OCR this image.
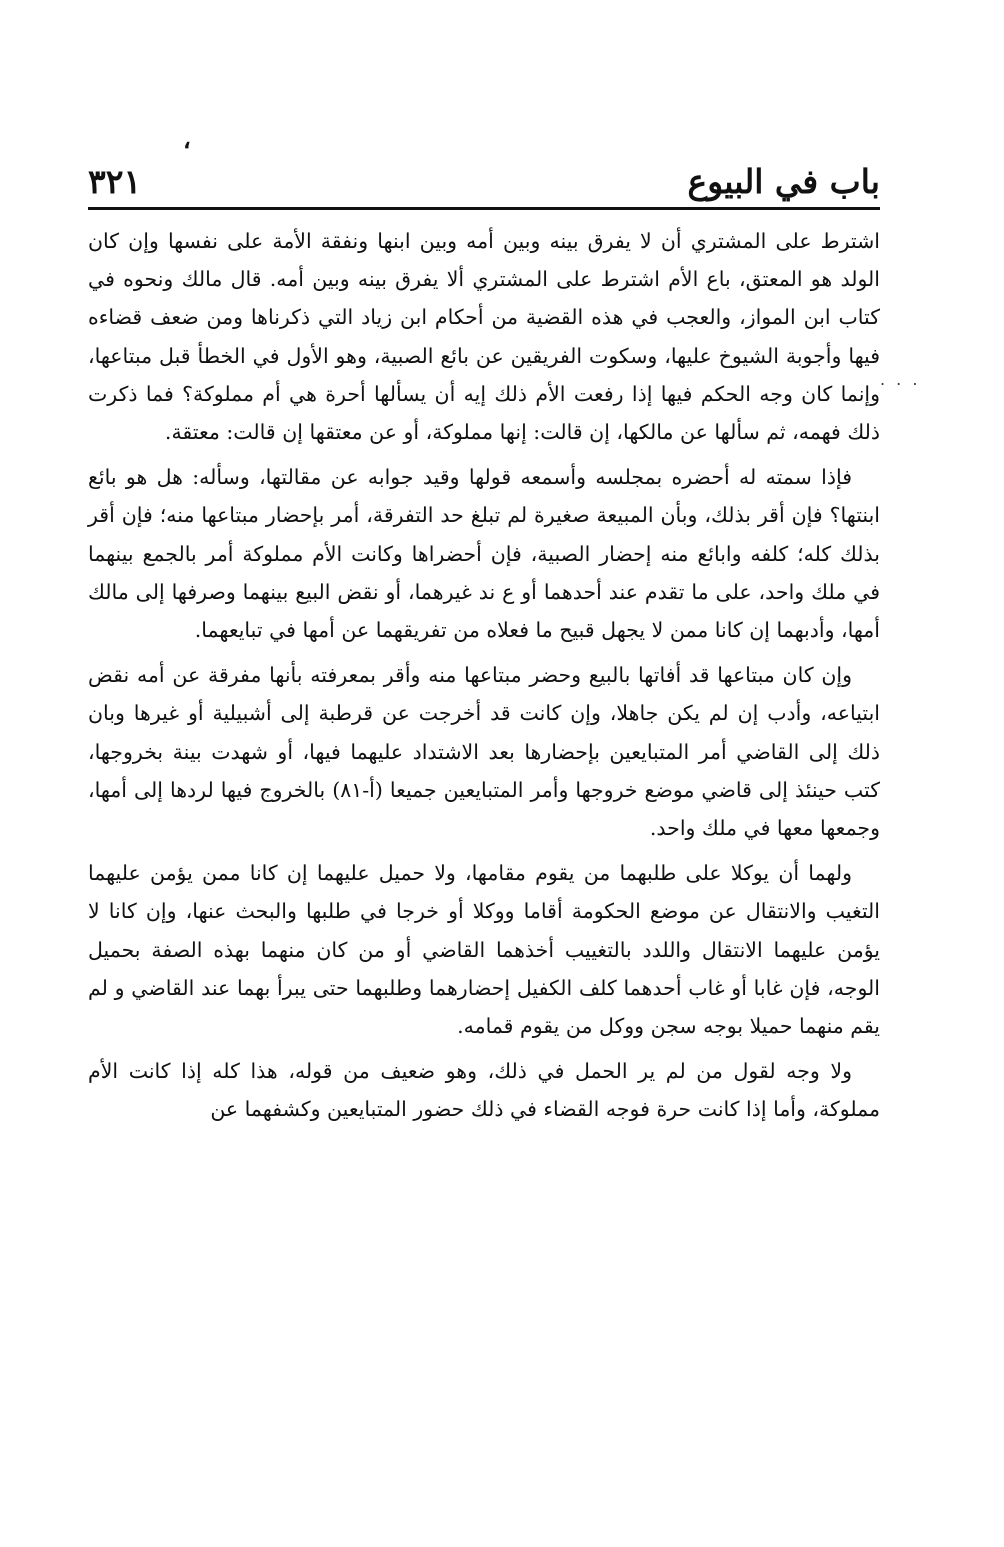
،
باب في البيوع
٣٢١
. . .

اشترط على المشتري أن لا يفرق بينه وبين أمه وبين ابنها ونفقة الأمة على نفسها وإن كان الولد هو المعتق، باع الأم اشترط على المشتري ألا يفرق بينه وبين أمه. قال مالك ونحوه في كتاب ابن المواز، والعجب في هذه القضية من أحكام ابن زياد التي ذكرناها ومن ضعف قضاءه فيها وأجوبة الشيوخ عليها، وسكوت الفريقين عن بائع الصبية، وهو الأول في الخطأ قبل مبتاعها، وإنما كان وجه الحكم فيها إذا رفعت الأم ذلك إيه أن يسألها أحرة هي أم مملوكة؟ فما ذكرت ذلك فهمه، ثم سألها عن مالكها، إن قالت: إنها مملوكة، أو عن معتقها إن قالت: معتقة.

فإذا سمته له أحضره بمجلسه وأسمعه قولها وقيد جوابه عن مقالتها، وسأله: هل هو بائع ابنتها؟ فإن أقر بذلك، وبأن المبيعة صغيرة لم تبلغ حد التفرقة، أمر بإحضار مبتاعها منه؛ فإن أقر بذلك كله؛ كلفه وابائع منه إحضار الصبية، فإن أحضراها وكانت الأم مملوكة أمر بالجمع بينهما في ملك واحد، على ما تقدم عند أحدهما أو ع ند غيرهما، أو نقض البيع بينهما وصرفها إلى مالك أمها، وأدبهما إن كانا ممن لا يجهل قبيح ما فعلاه من تفريقهما عن أمها في تبايعهما.

وإن كان مبتاعها قد أفاتها بالبيع وحضر مبتاعها منه وأقر بمعرفته بأنها مفرقة عن أمه نقض ابتياعه، وأدب إن لم يكن جاهلا، وإن كانت قد أخرجت عن قرطبة إلى أشبيلية أو غيرها وبان ذلك إلى القاضي أمر المتبايعين بإحضارها بعد الاشتداد عليهما فيها، أو شهدت بينة بخروجها، كتب حينئذ إلى قاضي موضع خروجها وأمر المتبايعين جميعا (أ-٨١) بالخروج فيها لردها إلى أمها، وجمعها معها في ملك واحد.

ولهما أن يوكلا على طلبهما من يقوم مقامها، ولا حميل عليهما إن كانا ممن يؤمن عليهما التغيب والانتقال عن موضع الحكومة أقاما ووكلا أو خرجا في طلبها والبحث عنها، وإن كانا لا يؤمن عليهما الانتقال واللدد بالتغييب أخذهما القاضي أو من كان منهما بهذه الصفة بحميل الوجه، فإن غابا أو غاب أحدهما كلف الكفيل إحضارهما وطلبهما حتى يبرأ بهما عند القاضي و لم يقم منهما حميلا بوجه سجن ووكل من يقوم قمامه.

ولا وجه لقول من لم ير الحمل في ذلك، وهو ضعيف من قوله، هذا كله إذا كانت الأم مملوكة، وأما إذا كانت حرة فوجه القضاء في ذلك حضور المتبايعين وكشفهما عن
